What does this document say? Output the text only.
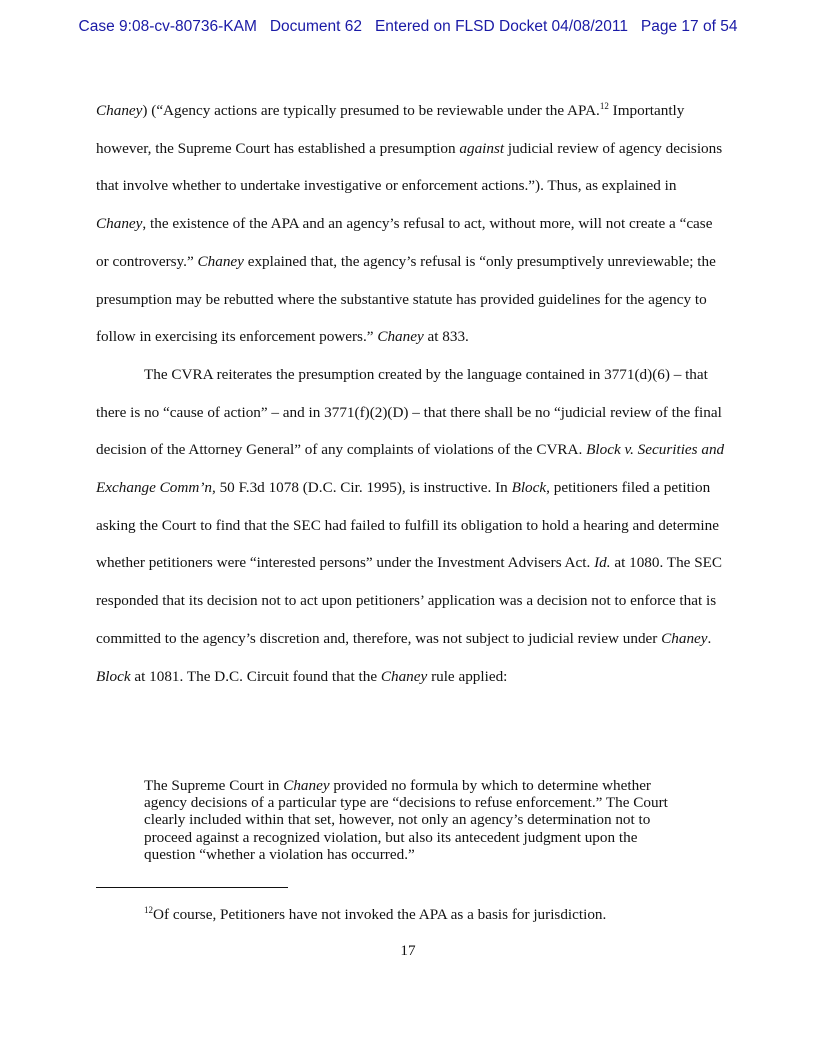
Case 9:08-cv-80736-KAM Document 62 Entered on FLSD Docket 04/08/2011 Page 17 of 54

Chaney) (“Agency actions are typically presumed to be reviewable under the APA.$^{12}$ Importantly however, the Supreme Court has established a presumption against judicial review of agency decisions that involve whether to undertake investigative or enforcement actions.”). Thus, as explained in Chaney, the existence of the APA and an agency’s refusal to act, without more, will not create a “case or controversy.” Chaney explained that, the agency’s refusal is “only presumptively unreviewable; the presumption may be rebutted where the substantive statute has provided guidelines for the agency to follow in exercising its enforcement powers.” Chaney at 833.

The CVRA reiterates the presumption created by the language contained in 3771(d)(6) – that there is no “cause of action” – and in 3771(f)(2)(D) – that there shall be no “judicial review of the final decision of the Attorney General” of any complaints of violations of the CVRA. Block v. Securities and Exchange Comm’n, 50 F.3d 1078 (D.C. Cir. 1995), is instructive. In Block, petitioners filed a petition asking the Court to find that the SEC had failed to fulfill its obligation to hold a hearing and determine whether petitioners were “interested persons” under the Investment Advisers Act. Id. at 1080. The SEC responded that its decision not to act upon petitioners’ application was a decision not to enforce that is committed to the agency’s discretion and, therefore, was not subject to judicial review under Chaney. Block at 1081. The D.C. Circuit found that the Chaney rule applied:

The Supreme Court in Chaney provided no formula by which to determine whether agency decisions of a particular type are “decisions to refuse enforcement.” The Court clearly included within that set, however, not only an agency’s determination not to proceed against a recognized violation, but also its antecedent judgment upon the question “whether a violation has occurred.”
$^{12}$Of course, Petitioners have not invoked the APA as a basis for jurisdiction.
17
